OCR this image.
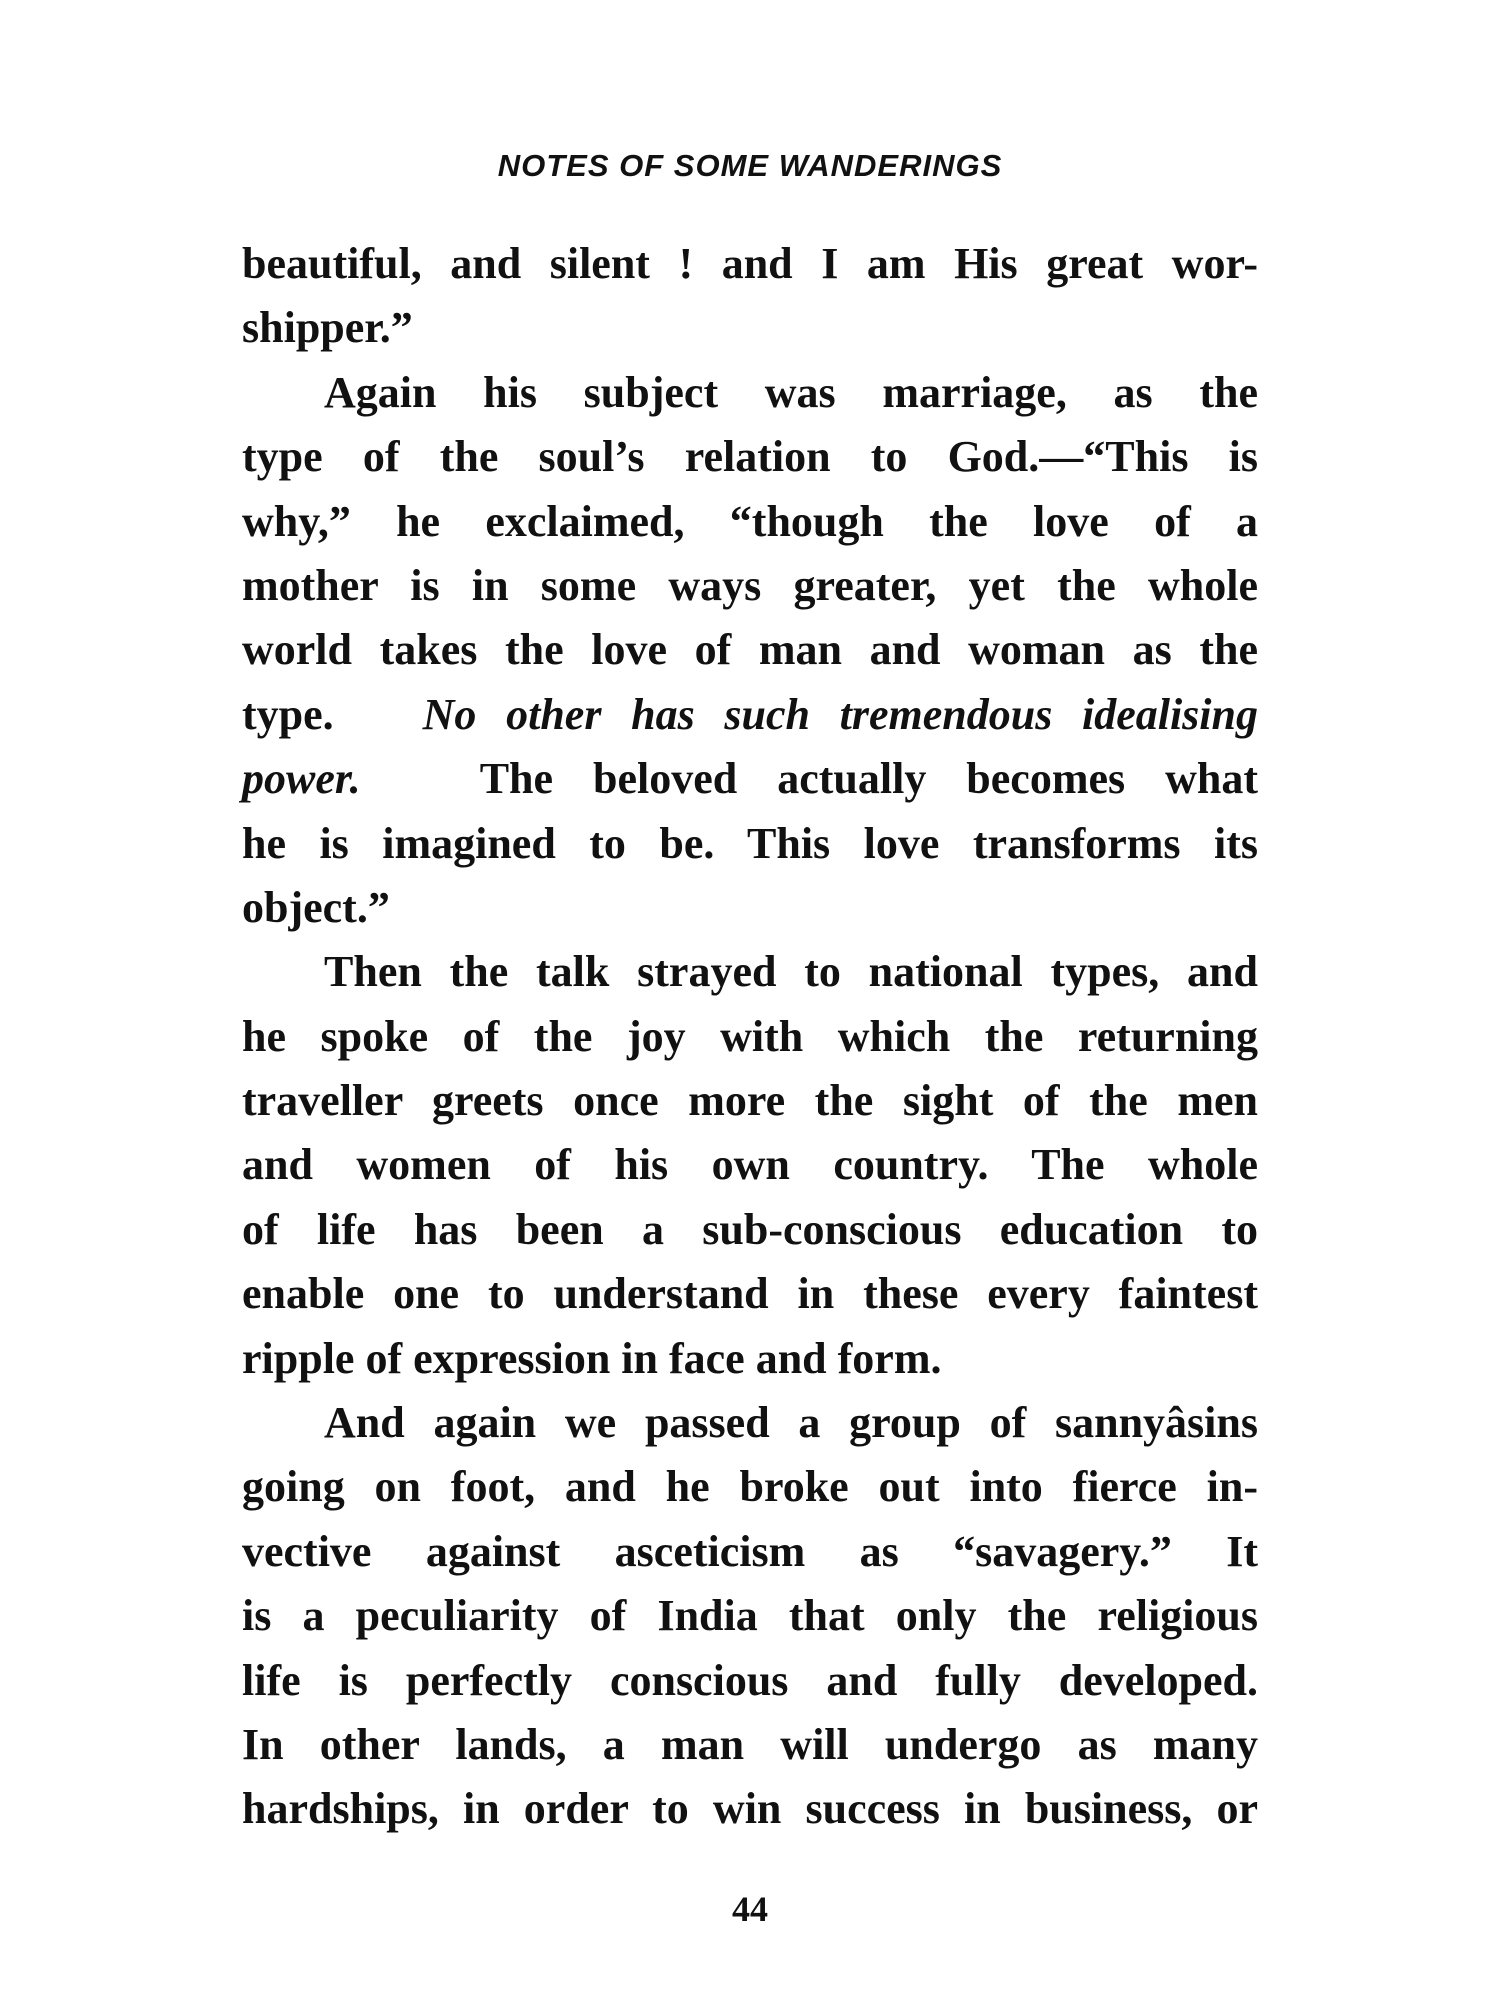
NOTES OF SOME WANDERINGS
beautiful, and silent ! and I am His great wor-
shipper.”
Again his subject was marriage, as the
type of the soul’s relation to God.—“This is
why,” he exclaimed, “though the love of a
mother is in some ways greater, yet the whole
world takes the love of man and woman as the
type. No other has such tremendous idealising
power.	The beloved actually becomes what
he is imagined to be. This love transforms its
object.”
Then the talk strayed to national types, and
he spoke of the joy with which the returning
traveller greets once more the sight of the men
and women of his own country. The whole
of life has been a sub-conscious education to
enable one to understand in these every faintest
ripple of expression in face and form.
And again we passed a group of sannyâsins
going on foot, and he broke out into fierce in-
vective against asceticism as “savagery.” It
is a peculiarity of India that only the religious
life is perfectly conscious and fully developed.
In other lands, a man will undergo as many
hardships, in order to win success in business, or
44
